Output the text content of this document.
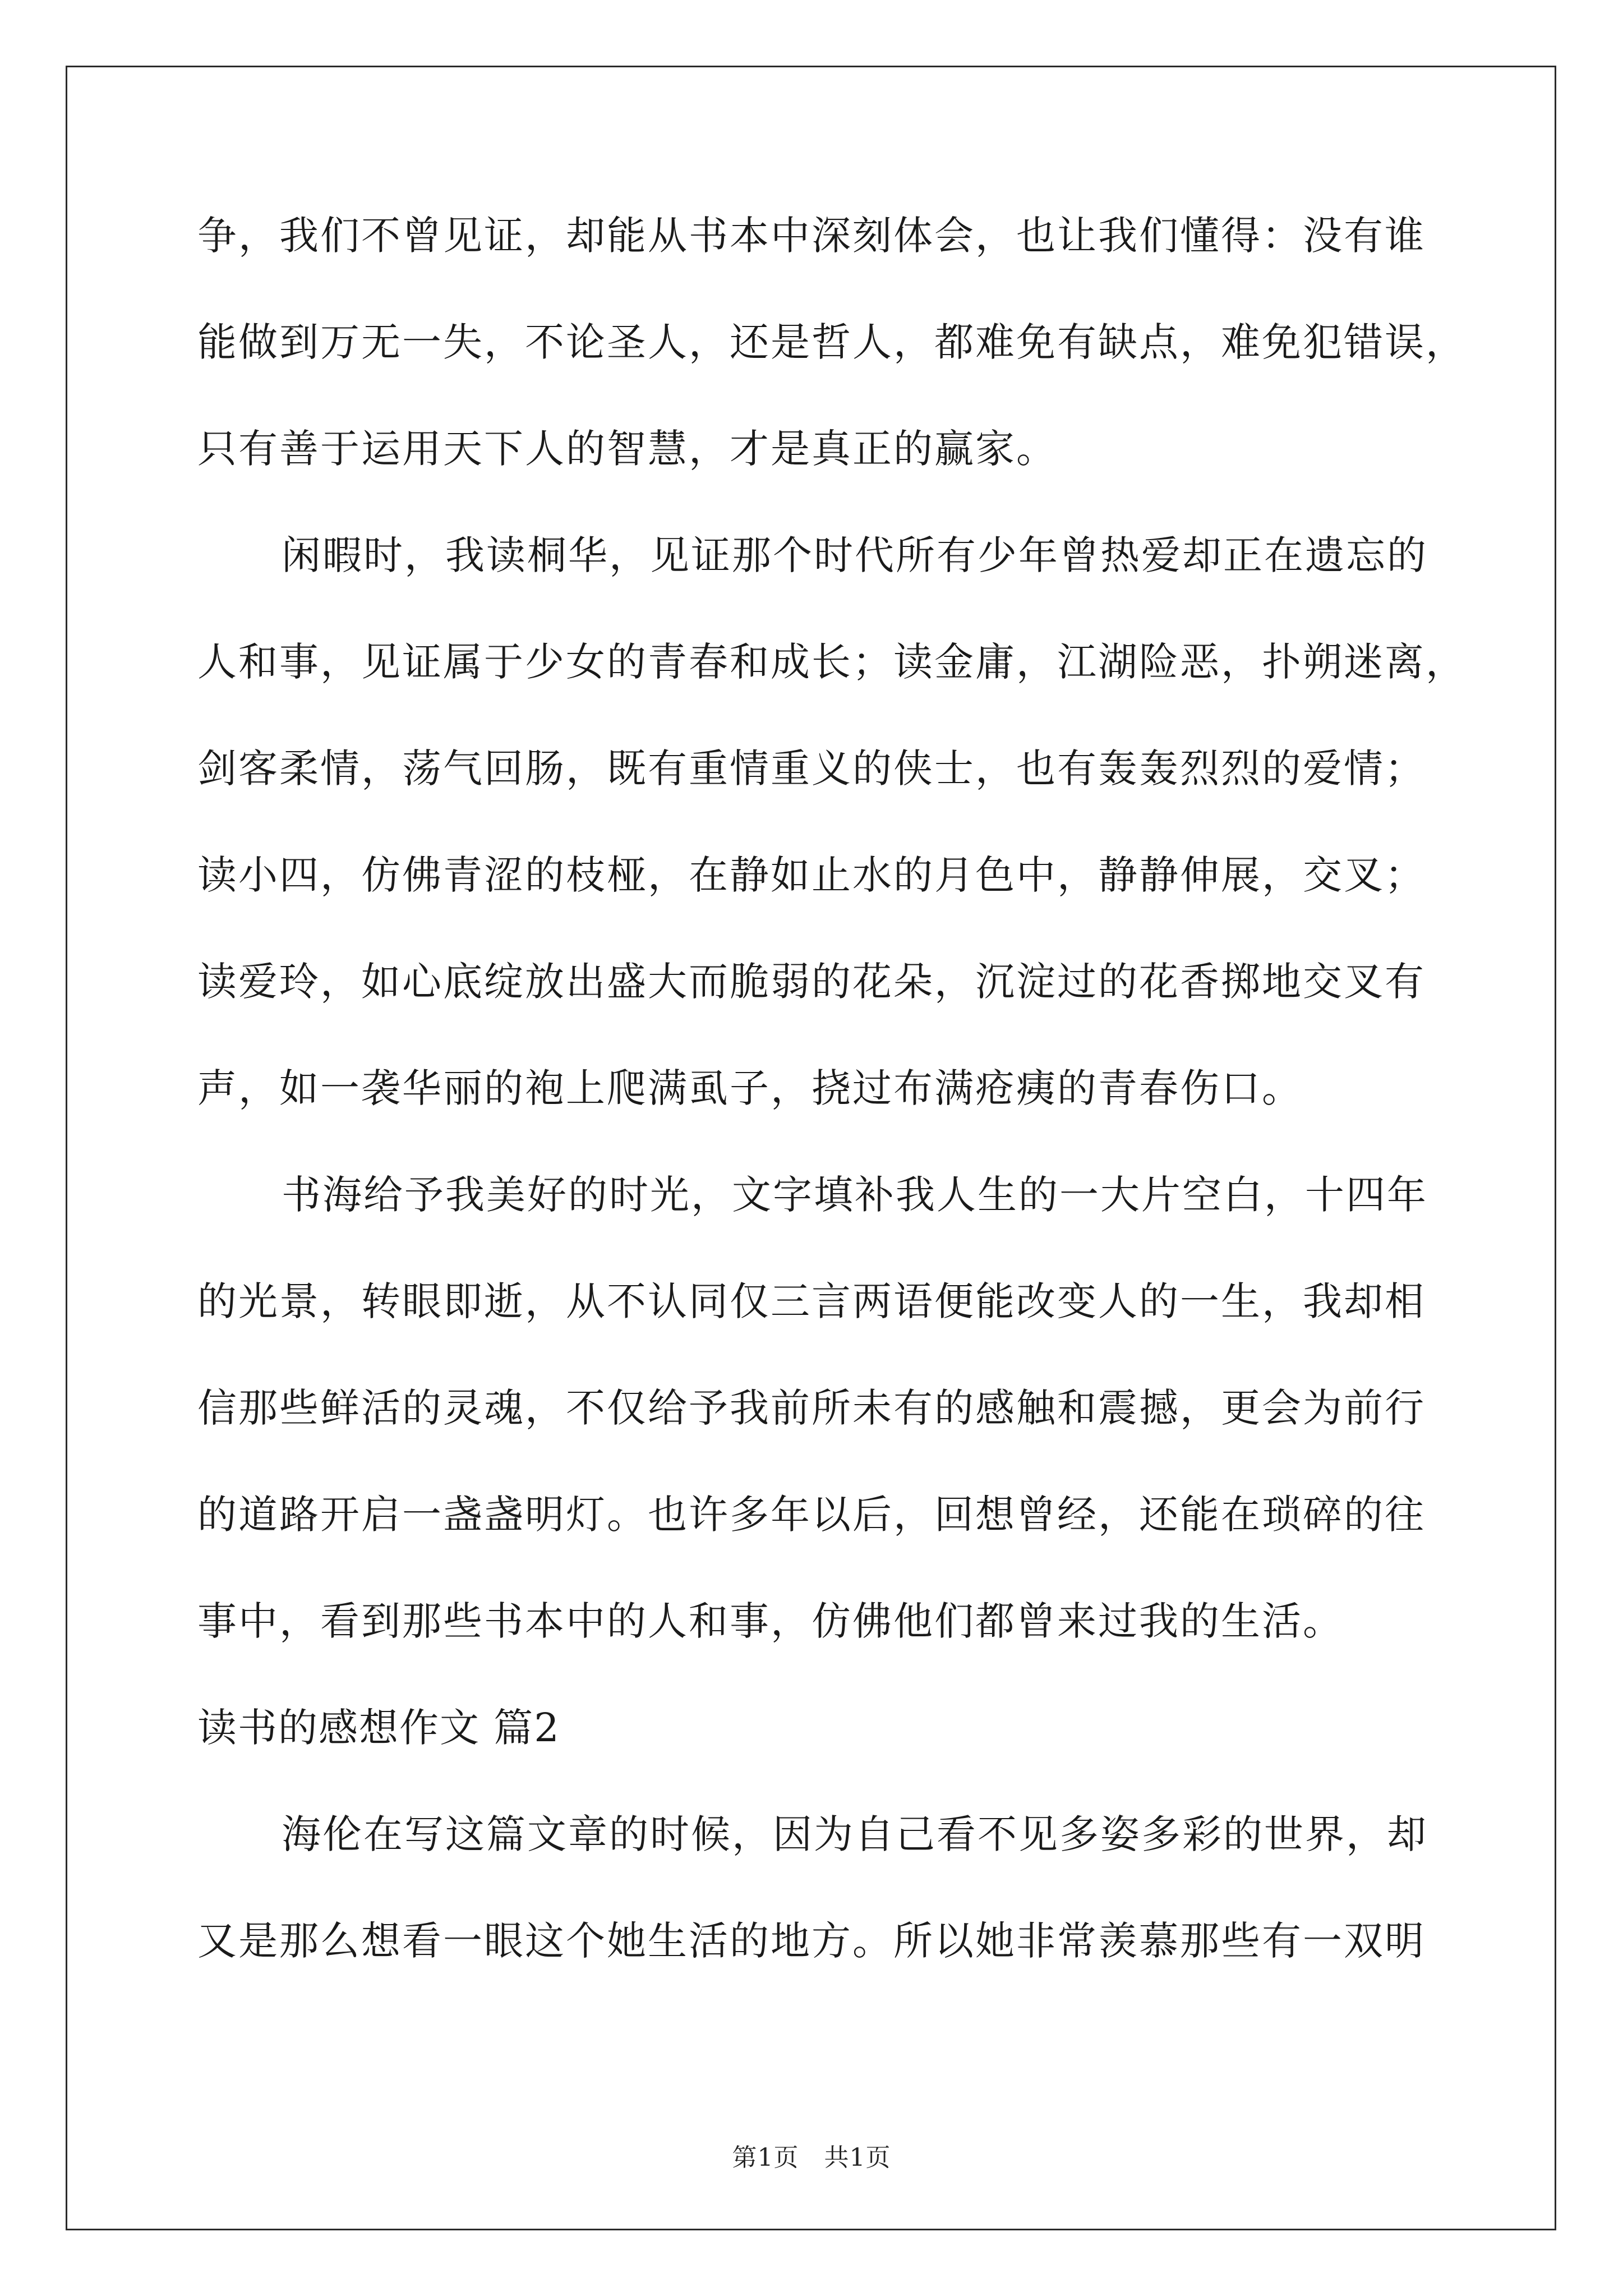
争，我们不曾见证，却能从书本中深刻体会，也让我们懂得：没有谁
能做到万无一失，不论圣人，还是哲人，都难免有缺点，难免犯错误，
只有善于运用天下人的智慧，才是真正的赢家。
闲暇时，我读桐华，见证那个时代所有少年曾热爱却正在遗忘的
人和事，见证属于少女的青春和成长；读金庸，江湖险恶，扑朔迷离，
剑客柔情，荡气回肠，既有重情重义的侠士，也有轰轰烈烈的爱情；
读小四，仿佛青涩的枝桠，在静如止水的月色中，静静伸展，交叉；
读爱玲，如心底绽放出盛大而脆弱的花朵，沉淀过的花香掷地交叉有
声，如一袭华丽的袍上爬满虱子，挠过布满疮痍的青春伤口。
书海给予我美好的时光，文字填补我人生的一大片空白，十四年
的光景，转眼即逝，从不认同仅三言两语便能改变人的一生，我却相
信那些鲜活的灵魂，不仅给予我前所未有的感触和震撼，更会为前行
的道路开启一盏盏明灯。也许多年以后，回想曾经，还能在琐碎的往
事中，看到那些书本中的人和事，仿佛他们都曾来过我的生活。
读书的感想作文 篇2
海伦在写这篇文章的时候，因为自己看不见多姿多彩的世界，却
又是那么想看一眼这个她生活的地方。所以她非常羡慕那些有一双明
第1页　共1页
